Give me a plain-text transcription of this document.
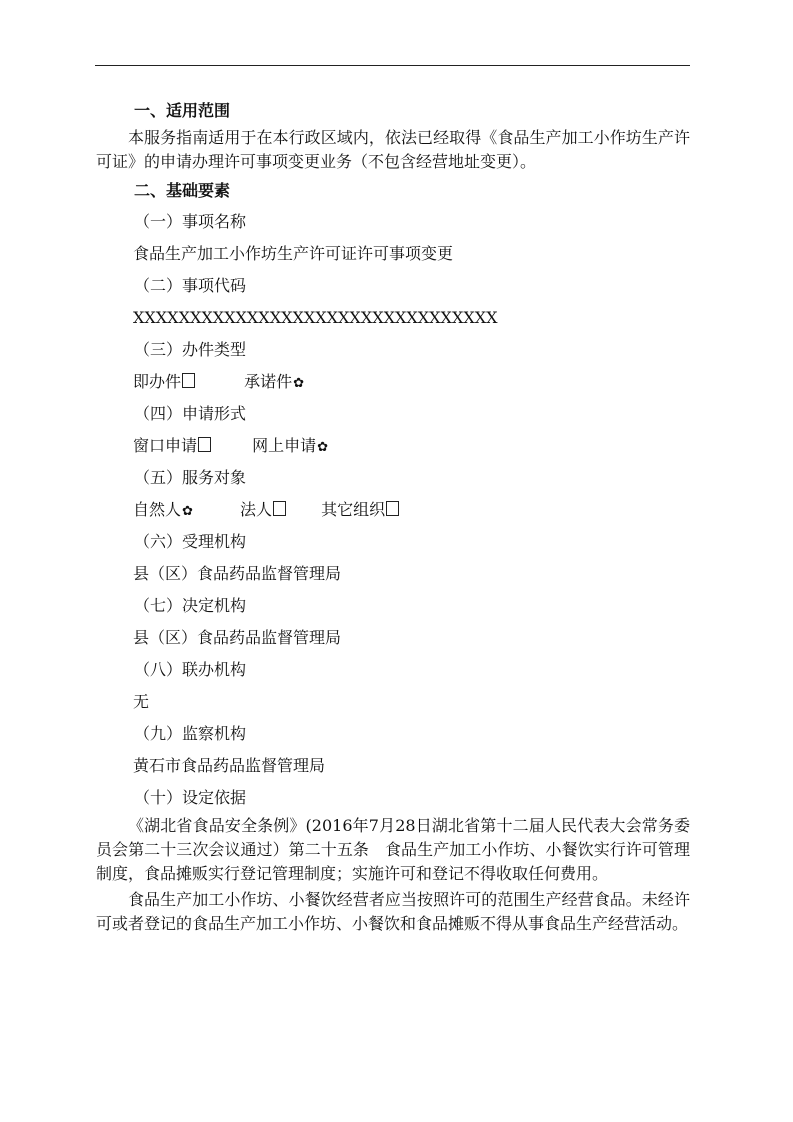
一、适用范围
本服务指南适用于在本行政区域内，依法已经取得《食品生产加工小作坊生产许可证》的申请办理许可事项变更业务（不包含经营地址变更）。
二、基础要素
（一）事项名称
食品生产加工小作坊生产许可证许可事项变更
（二）事项代码
XXXXXXXXXXXXXXXXXXXXXXXXXXXXXXXX
（三）办件类型
即办件	承诺件✿
（四）申请形式
窗口申请	网上申请✿
（五）服务对象
自然人✿	法人	其它组织
（六）受理机构
县（区）食品药品监督管理局
（七）决定机构
县（区）食品药品监督管理局
（八）联办机构
无
（九）监察机构
黄石市食品药品监督管理局
（十）设定依据
《湖北省食品安全条例》(2016年7月28日湖北省第十二届人民代表大会常务委员会第二十三次会议通过）第二十五条　食品生产加工小作坊、小餐饮实行许可管理制度，食品摊贩实行登记管理制度；实施许可和登记不得收取任何费用。
食品生产加工小作坊、小餐饮经营者应当按照许可的范围生产经营食品。未经许可或者登记的食品生产加工小作坊、小餐饮和食品摊贩不得从事食品生产经营活动。
